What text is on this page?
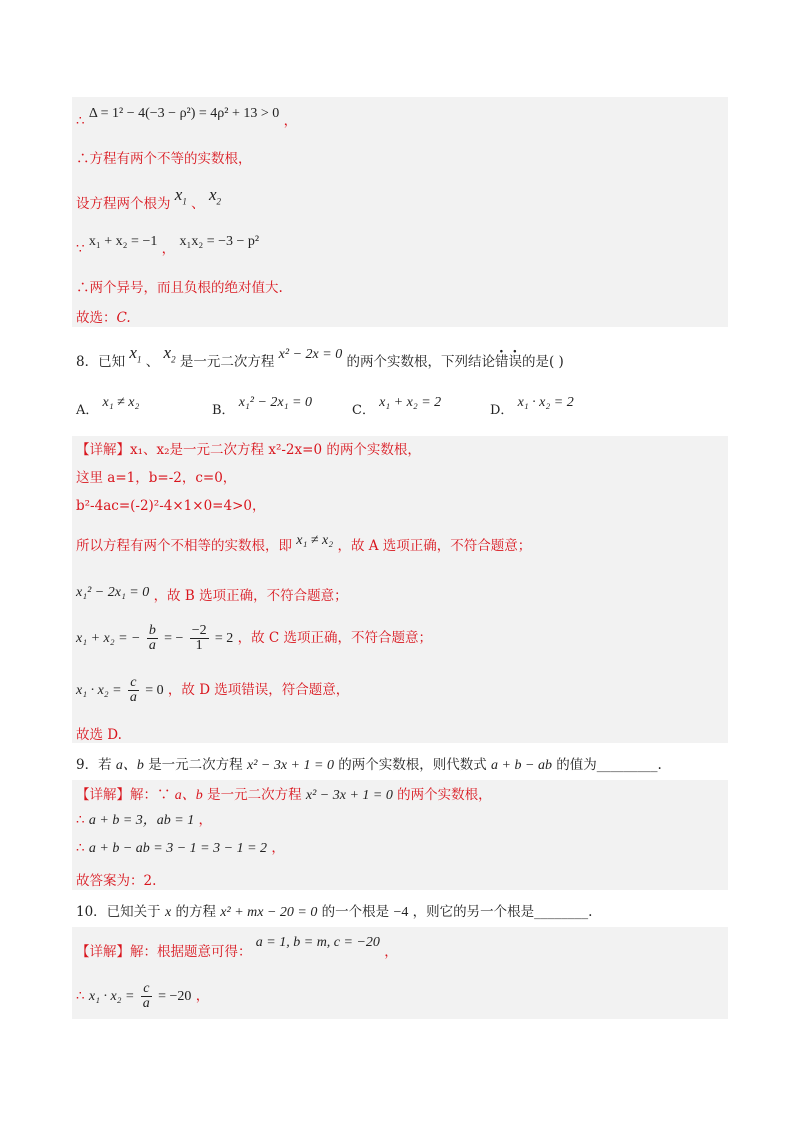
∴ Δ = 1² − 4(−3 − ρ²) = 4ρ² + 13 > 0 ，
∴方程有两个不等的实数根，
设方程两个根为 $x_1$ 、 $x_2$
∵ x₁ + x₂ = −1 ， x₁x₂ = −3 − p²
∴两个异号，而且负根的绝对值大.
故选：C.
8．已知 $x_1$ 、 $x_2$ 是一元二次方程 x² − 2x = 0 的两个实数根，下列结论错误的是( )
A． x₁ ≠ x₂
B． x₁² − 2x₁ = 0
C． x₁ + x₂ = 2
D． x₁ · x₂ = 2
【详解】x₁、x₂是一元二次方程 x²-2x=0 的两个实数根，
这里 a=1，b=-2，c=0，
b²-4ac=(-2)²-4×1×0=4>0，
所以方程有两个不相等的实数根，即 x₁ ≠ x₂ ，故 A 选项正确，不符合题意；
x₁² − 2x₁ = 0 ，故 B 选项正确，不符合题意；
x₁ + x₂ = − $\frac{b}{a}$ = − $\frac{-2}{1} = 2$ ，故 C 选项正确，不符合题意；
$x_1 \cdot x_2 = \frac{c}{a} = 0$ ，故 D 选项错误，符合题意，
故选 D.
9．若 a、b 是一元二次方程 x² − 3x + 1 = 0 的两个实数根，则代数式 a + b − ab 的值为_________.
【详解】解：∵ a、b 是一元二次方程 x² − 3x + 1 = 0 的两个实数根，
∴ a + b = 3，ab = 1 ，
∴ a + b − ab = 3 − 1 = 3 − 1 = 2 ，
故答案为：2.
10．已知关于 x 的方程 x² + mx − 20 = 0 的一个根是 −4 ，则它的另一个根是________.
【详解】解：根据题意可得： a = 1, b = m, c = −20 ，
∴ $x_1 \cdot x_2 = \frac{c}{a} = -20$ ，
